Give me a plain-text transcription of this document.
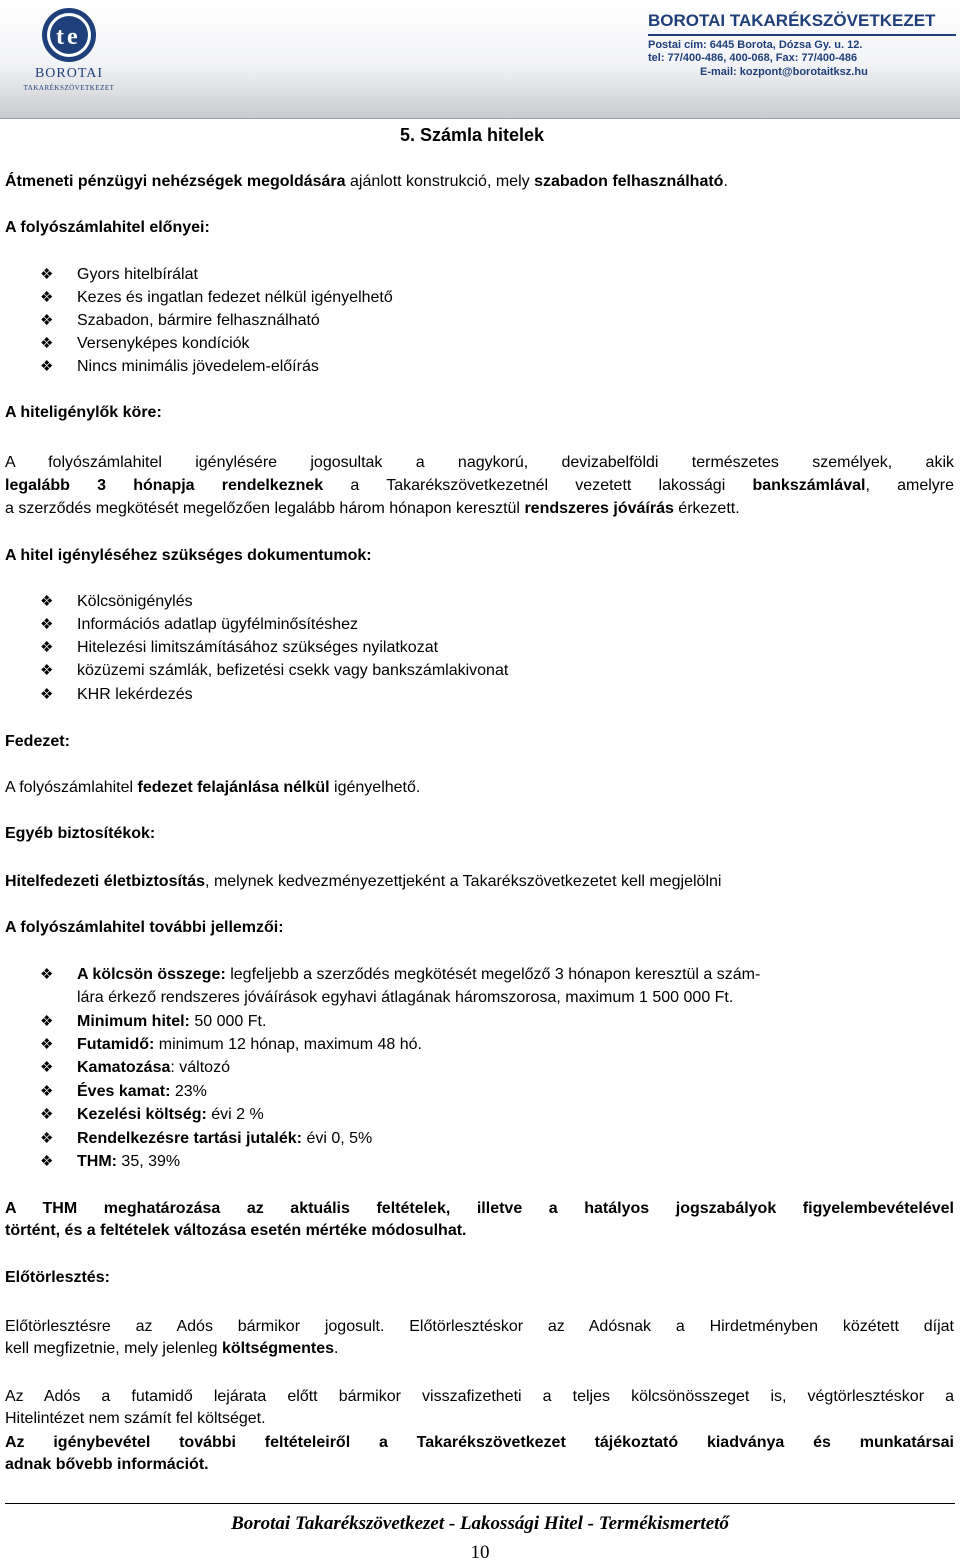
t e
BOROTAI
TAKARÉKSZÖVETKEZET
BOROTAI TAKARÉKSZÖVETKEZET
Postai cím: 6445 Borota, Dózsa Gy. u. 12.
tel: 77/400-486, 400-068, Fax: 77/400-486
E-mail: kozpont@borotaitksz.hu
5. Számla hitelek
Átmeneti pénzügyi nehézségek megoldására ajánlott konstrukció, mely szabadon felhasználható.
A folyószámlahitel előnyei:
❖ Gyors hitelbírálat
❖ Kezes és ingatlan fedezet nélkül igényelhető
❖ Szabadon, bármire felhasználható
❖ Versenyképes kondíciók
❖ Nincs minimális jövedelem-előírás
A hiteligénylők köre:
A folyószámlahitel igénylésére jogosultak a nagykorú, devizabelföldi természetes személyek, akik
legalább 3 hónapja rendelkeznek a Takarékszövetkezetnél vezetett lakossági bankszámlával, amelyre
a szerződés megkötését megelőzően legalább három hónapon keresztül rendszeres jóváírás érkezett.
A hitel igényléséhez szükséges dokumentumok:
❖ Kölcsönigénylés
❖ Információs adatlap ügyfélminősítéshez
❖ Hitelezési limitszámításához szükséges nyilatkozat
❖ közüzemi számlák, befizetési csekk vagy bankszámlakivonat
❖ KHR lekérdezés
Fedezet:
A folyószámlahitel fedezet felajánlása nélkül igényelhető.
Egyéb biztosítékok:
Hitelfedezeti életbiztosítás, melynek kedvezményezettjeként a Takarékszövetkezetet kell megjelölni
A folyószámlahitel további jellemzői:
❖ A kölcsön összege: legfeljebb a szerződés megkötését megelőző 3 hónapon keresztül a szám-
lára érkező rendszeres jóváírások egyhavi átlagának háromszorosa, maximum 1 500 000 Ft.
❖ Minimum hitel: 50 000 Ft.
❖ Futamidő: minimum 12 hónap, maximum 48 hó.
❖ Kamatozása: változó
❖ Éves kamat: 23%
❖ Kezelési költség: évi 2 %
❖ Rendelkezésre tartási jutalék: évi 0, 5%
❖ THM: 35, 39%
A THM meghatározása az aktuális feltételek, illetve a hatályos jogszabályok figyelembevételével
történt, és a feltételek változása esetén mértéke módosulhat.
Előtörlesztés:
Előtörlesztésre az Adós bármikor jogosult. Előtörlesztéskor az Adósnak a Hirdetményben közétett díjat
kell megfizetnie, mely jelenleg költségmentes.
Az Adós a futamidő lejárata előtt bármikor visszafizetheti a teljes kölcsönösszeget is, végtörlesztéskor a
Hitelintézet nem számít fel költséget.
Az igénybevétel további feltételeiről a Takarékszövetkezet tájékoztató kiadványa és munkatársai
adnak bővebb információt.
Borotai Takarékszövetkezet - Lakossági Hitel - Termékismertető
10
